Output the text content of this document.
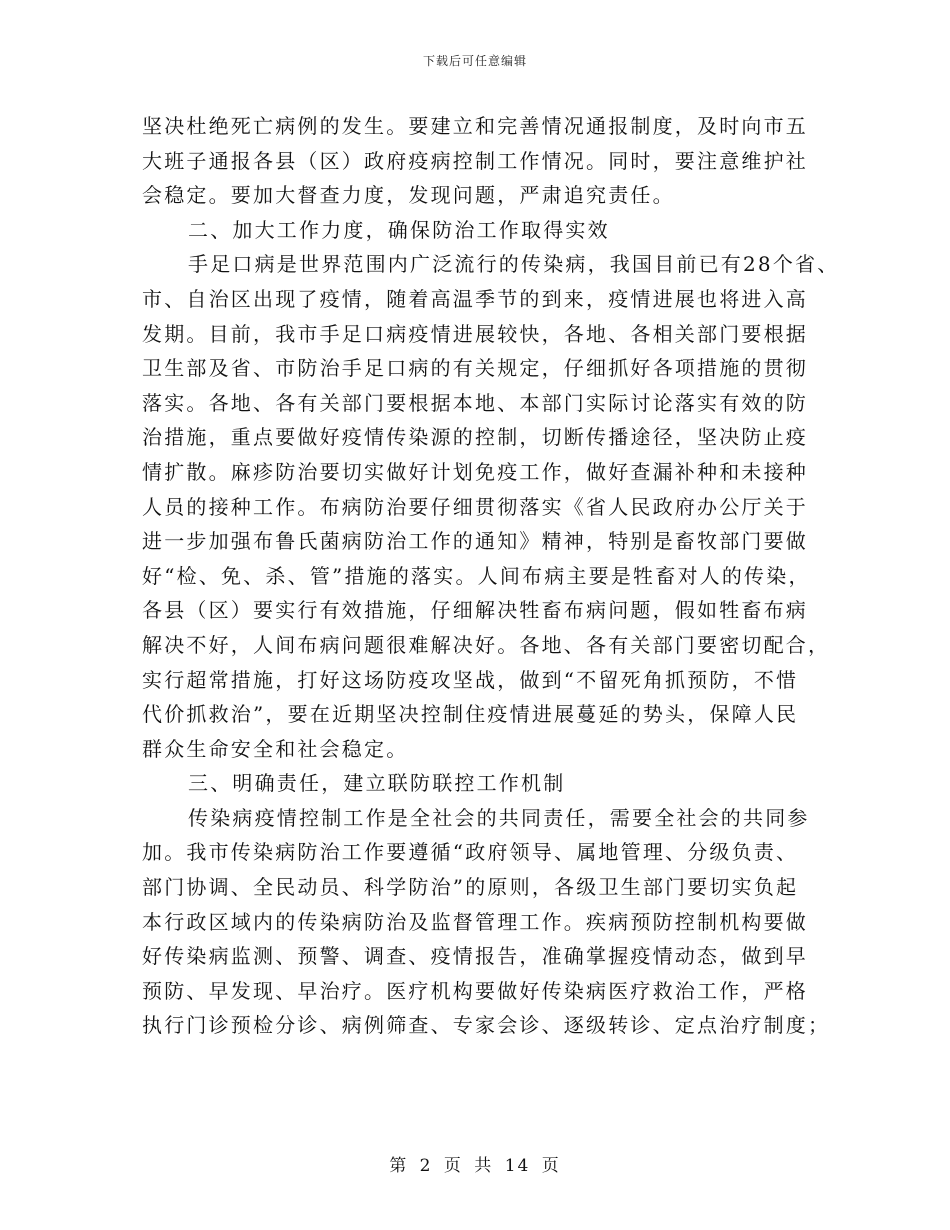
下载后可任意编辑
坚决杜绝死亡病例的发生。要建立和完善情况通报制度，及时向市五
大班子通报各县（区）政府疫病控制工作情况。同时，要注意维护社
会稳定。要加大督查力度，发现问题，严肃追究责任。
二、加大工作力度，确保防治工作取得实效
手足口病是世界范围内广泛流行的传染病，我国目前已有28个省、
市、自治区出现了疫情，随着高温季节的到来，疫情进展也将进入高
发期。目前，我市手足口病疫情进展较快，各地、各相关部门要根据
卫生部及省、市防治手足口病的有关规定，仔细抓好各项措施的贯彻
落实。各地、各有关部门要根据本地、本部门实际讨论落实有效的防
治措施，重点要做好疫情传染源的控制，切断传播途径，坚决防止疫
情扩散。麻疹防治要切实做好计划免疫工作，做好查漏补种和未接种
人员的接种工作。布病防治要仔细贯彻落实《省人民政府办公厅关于
进一步加强布鲁氏菌病防治工作的通知》精神，特别是畜牧部门要做
好“检、免、杀、管”措施的落实。人间布病主要是牲畜对人的传染，
各县（区）要实行有效措施，仔细解决牲畜布病问题，假如牲畜布病
解决不好，人间布病问题很难解决好。各地、各有关部门要密切配合，
实行超常措施，打好这场防疫攻坚战，做到“不留死角抓预防，不惜
代价抓救治”，要在近期坚决控制住疫情进展蔓延的势头，保障人民
群众生命安全和社会稳定。
三、明确责任，建立联防联控工作机制
传染病疫情控制工作是全社会的共同责任，需要全社会的共同参
加。我市传染病防治工作要遵循“政府领导、属地管理、分级负责、
部门协调、全民动员、科学防治”的原则，各级卫生部门要切实负起
本行政区域内的传染病防治及监督管理工作。疾病预防控制机构要做
好传染病监测、预警、调查、疫情报告，准确掌握疫情动态，做到早
预防、早发现、早治疗。医疗机构要做好传染病医疗救治工作，严格
执行门诊预检分诊、病例筛查、专家会诊、逐级转诊、定点治疗制度；
第 2 页 共 14 页
